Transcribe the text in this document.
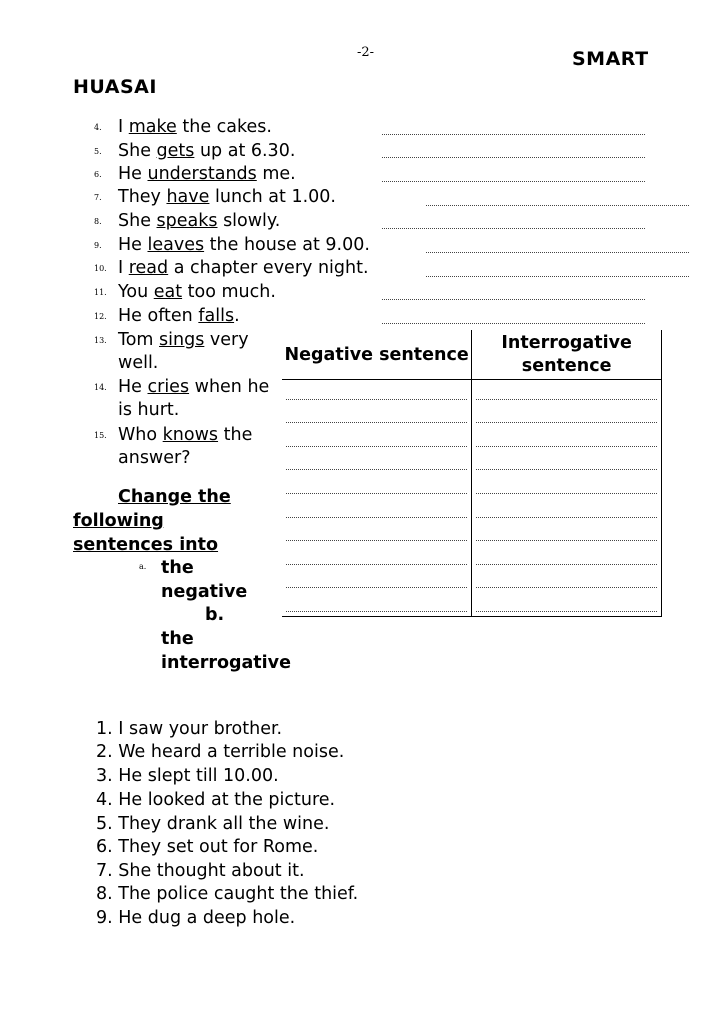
-2-	SMART
HUASAI
4. I make the cakes.
5. She gets up at 6.30.
6. He understands me.
7. They have lunch at 1.00.
8. She speaks slowly.
9. He leaves the house at 9.00.
10. I read a chapter every night.
11. You eat too much.
12. He often falls.
13. Tom sings very
well.
14. He cries when he
is hurt.
15. Who knows the
answer?
Negative sentence	Interrogative sentence

Change the
following
sentences into
a. the
negative
b.
the
interrogative
1. I saw your brother.
2. We heard a terrible noise.
3. He slept till 10.00.
4. He looked at the picture.
5. They drank all the wine.
6. They set out for Rome.
7. She thought about it.
8. The police caught the thief.
9. He dug a deep hole.
